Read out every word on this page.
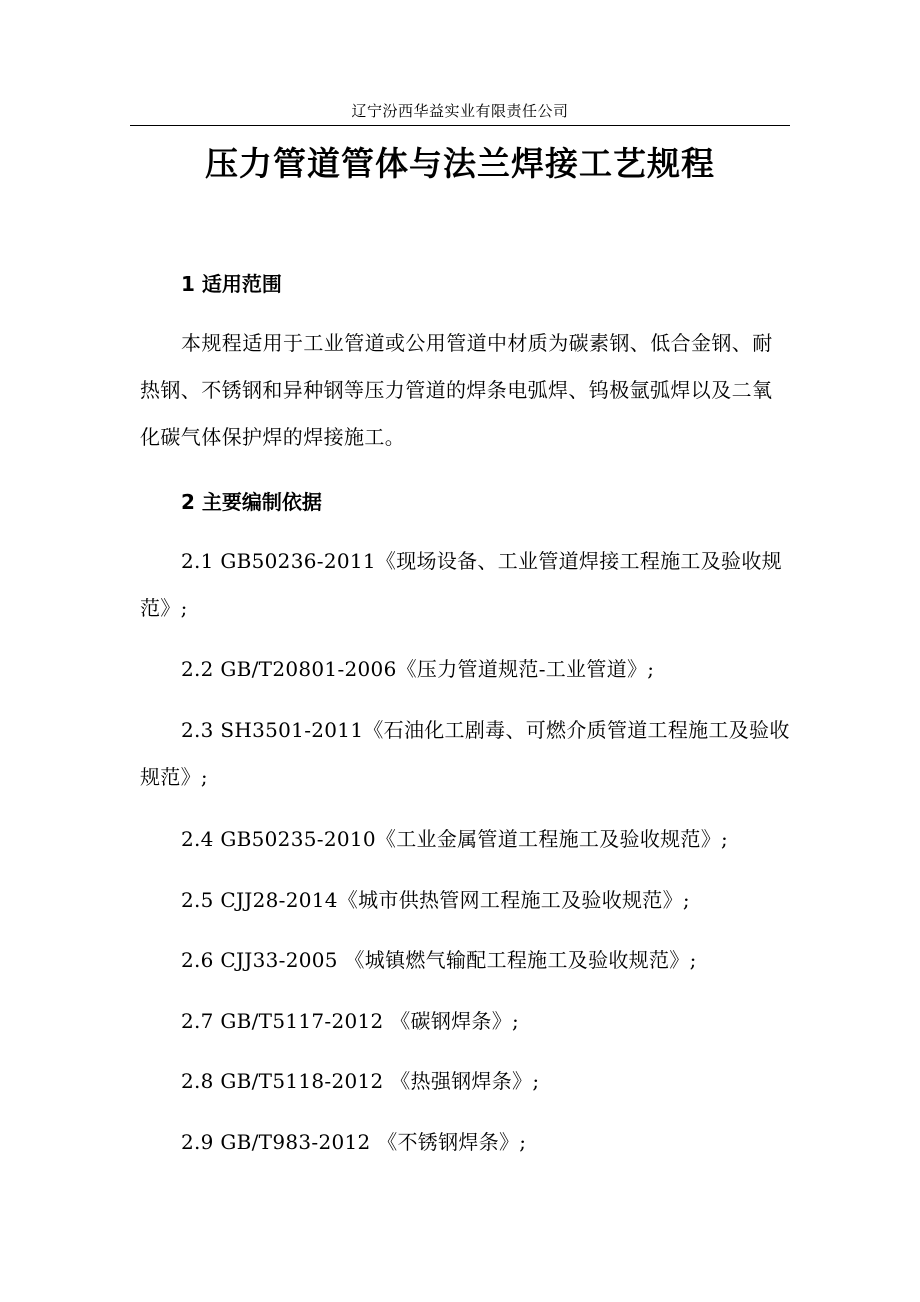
辽宁汾西华益实业有限责任公司
压力管道管体与法兰焊接工艺规程
1 适用范围

本规程适用于工业管道或公用管道中材质为碳素钢、低合金钢、耐热钢、不锈钢和异种钢等压力管道的焊条电弧焊、钨极氩弧焊以及二氧化碳气体保护焊的焊接施工。

2 主要编制依据

2.1 GB50236-2011《现场设备、工业管道焊接工程施工及验收规范》;

2.2 GB/T20801-2006《压力管道规范-工业管道》;

2.3 SH3501-2011《石油化工剧毒、可燃介质管道工程施工及验收规范》;

2.4 GB50235-2010《工业金属管道工程施工及验收规范》;

2.5 CJJ28-2014《城市供热管网工程施工及验收规范》;

2.6 CJJ33-2005 《城镇燃气输配工程施工及验收规范》;

2.7 GB/T5117-2012 《碳钢焊条》;

2.8 GB/T5118-2012 《热强钢焊条》;

2.9 GB/T983-2012 《不锈钢焊条》;
